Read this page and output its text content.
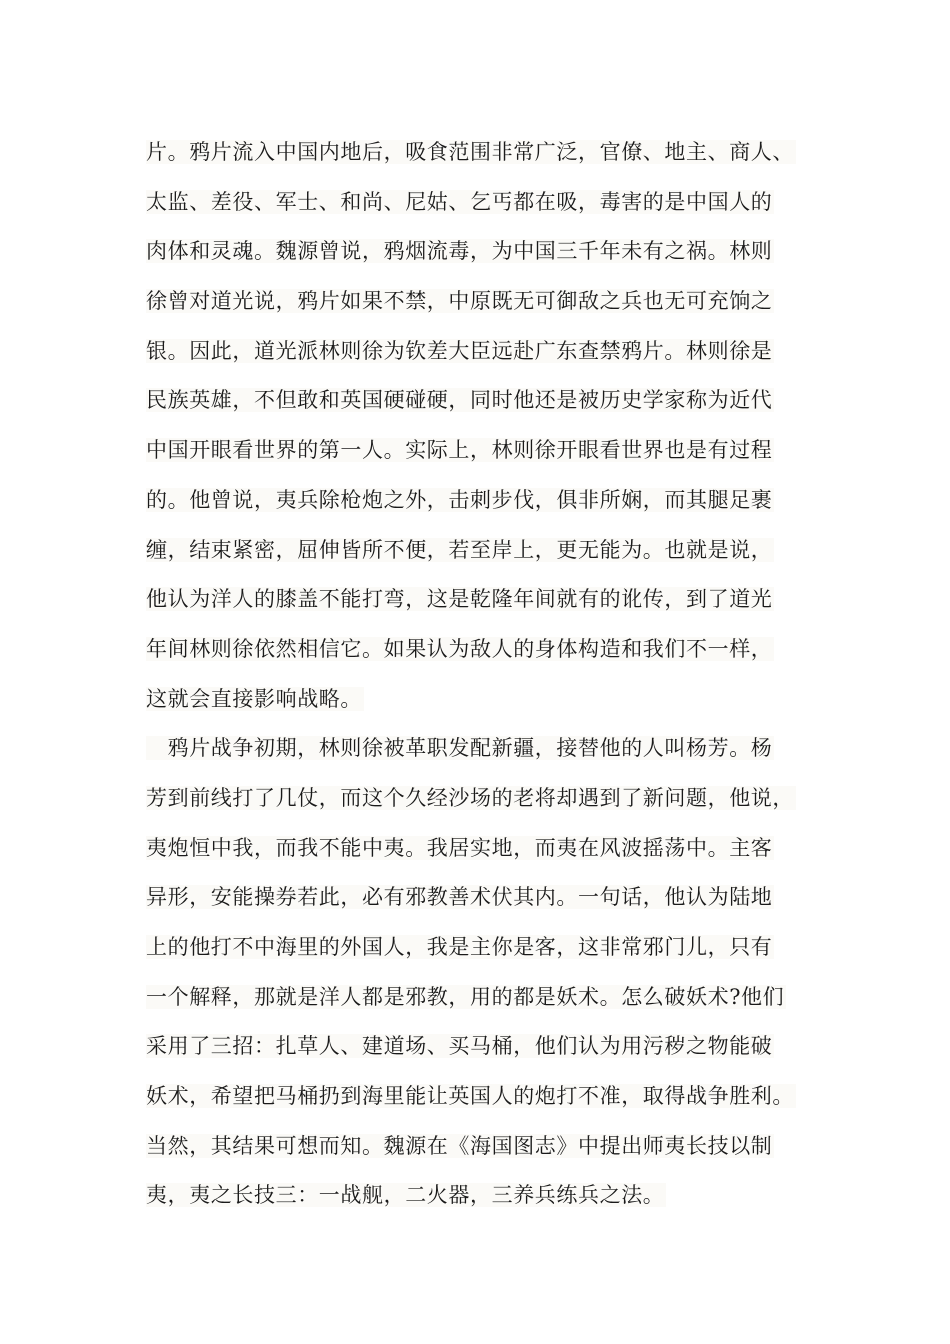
片。鸦片流入中国内地后，吸食范围非常广泛，官僚、地主、商人、
太监、差役、军士、和尚、尼姑、乞丐都在吸，毒害的是中国人的
肉体和灵魂。魏源曾说，鸦烟流毒，为中国三千年未有之祸。林则
徐曾对道光说，鸦片如果不禁，中原既无可御敌之兵也无可充饷之
银。因此，道光派林则徐为钦差大臣远赴广东查禁鸦片。林则徐是
民族英雄，不但敢和英国硬碰硬，同时他还是被历史学家称为近代
中国开眼看世界的第一人。实际上，林则徐开眼看世界也是有过程
的。他曾说，夷兵除枪炮之外，击刺步伐，俱非所娴，而其腿足裹
缠，结束紧密，屈伸皆所不便，若至岸上，更无能为。也就是说，
他认为洋人的膝盖不能打弯，这是乾隆年间就有的讹传，到了道光
年间林则徐依然相信它。如果认为敌人的身体构造和我们不一样，
这就会直接影响战略。
　鸦片战争初期，林则徐被革职发配新疆，接替他的人叫杨芳。杨
芳到前线打了几仗，而这个久经沙场的老将却遇到了新问题，他说，
夷炮恒中我，而我不能中夷。我居实地，而夷在风波摇荡中。主客
异形，安能操券若此，必有邪教善术伏其内。一句话，他认为陆地
上的他打不中海里的外国人，我是主你是客，这非常邪门儿，只有
一个解释，那就是洋人都是邪教，用的都是妖术。怎么破妖术?他们
采用了三招：扎草人、建道场、买马桶，他们认为用污秽之物能破
妖术，希望把马桶扔到海里能让英国人的炮打不准，取得战争胜利。
当然，其结果可想而知。魏源在《海国图志》中提出师夷长技以制
夷，夷之长技三：一战舰，二火器，三养兵练兵之法。
